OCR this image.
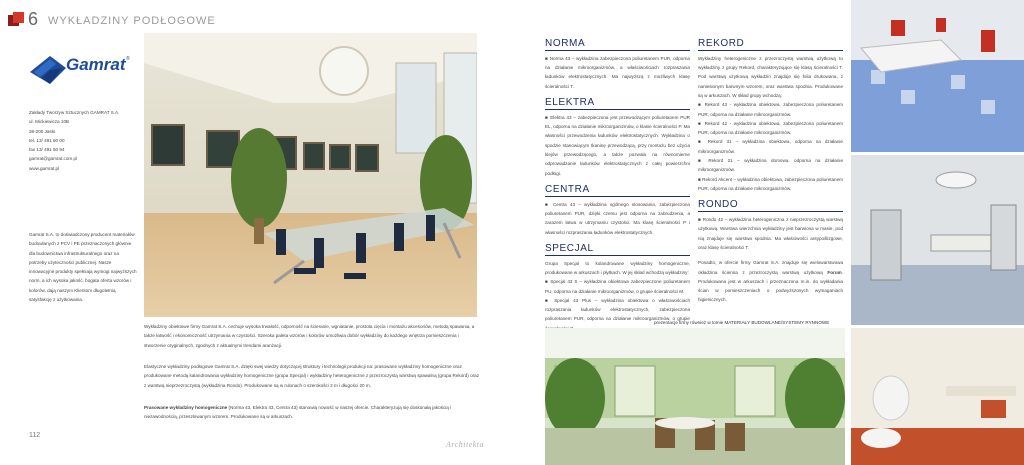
6 WYKŁADZINY PODŁOGOWE
Gamrat ®
Zakłady Tworzyw Sztucznych GAMRAT S.A.
ul. Mickiewicza 10B
38-200 Jasło
tel. 13/ 491 60 00
fax 13/ 491 50 94
gamrat@gamrat.com.pl
www.gamrat.pl
Gamrat S.A. to doświadczony producent materiałów budowlanych z PCV i PE przeznaczonych głównie dla budownictwa infrastrukturalnego oraz na potrzeby użyteczności publicznej. Nasze innowacyjne produkty spełniają wymogi najwyższych norm, a ich wysoka jakość, bogata oferta wzorów i kolorów, dają naszym Klientom długoletnią satysfakcję z użytkowania.
Wykładziny obiektowe firmy Gamrat S.A. cechuje wysoka trwałość, odporność na ścieranie, wgniatanie, prostota cięcia i montażu akcesoriów, metodą spawania, a także łatwość i ekonomiczność utrzymania w czystości. Szeroka paleta wzorów i kolorów umożliwia dobór wykładziny do każdego wnętrza pomieszczenia i stworzenie oryginalnych, zgodnych z aktualnymi trendami aranżacji.
Elastyczne wykładziny podłogowe Gamrat S.A. dzięki swej wiedzy dotyczącej struktury i technologii produkcji na: prasowane wykładziny homogeniczne oraz produkowane metodą kalandrowania wykładziny homogeniczne (grupa Specjal) i wykładziny heterogeniczne z przezroczystą warstwą spawalną (grupa Rekord) oraz z warstwą nieprzezroczystą (wykładzina Rondo). Produkowane są w rulonach o szerokości 2 m i długości 20 m.
Prasowane wykładziny homogeniczne (Norma 43, Elektra 43, Centra 43) stanowią nowość w naszej ofercie. Charakteryzują się doskonałą jakością i niezawodnością, przeszłowanym wzorem. Produkowane są w arkuszach.
112
Architekta
NORMA
■ Norma 43 – wykładzina zabezpieczona poliuretanem PUR, odporna na działanie mikroorganizmów, a właściwościach rozpraszania ładunków elektrostatycznych. Ma najwyższą z możliwych klasę ścieralności T.
ELEKTRA
■ Elektra 43 – zabezpieczona jest przewodzącym poliuretanem PUR EL, odporna na działanie mikroorganizmów, o klasie ścieralności P. Ma własności przewodzenia ładunków elektrostatycznych. Wykładzina o spodzie stanowiącym tkaninę przewodzącą, przy montażu bez użycia klejów przewodzącego, a także pozwala na równomierne odprowadzanie ładunków elektrostatycznych z całej powierzchni podłogi.
CENTRA
■ Centra 43 – wykładzina ogólnego stosowania, zabezpieczona poliuretanem PUR, dzięki czemu jest odporna na zabrudzenia, a zarazem łatwa w utrzymaniu czystości. Ma klasę ścieralności P i własności rozpraszania ładunków elektrostatycznych.
SPECJAL
Grupa Specjal to kolandrowane wykładziny homogeniczne, produkowane w arkuszach i płytkach. W jej skład wchodzą wykładziny:
■ Specjal 43 S – wykładzina obiektowa zabezpieczone poliuretanem PU, odporna na działanie mikroorganizmów, o grupie ścieralności M.
■ Specjal 43 Plus – wykładzina obiektowa o właściwościach rozpraszania ładunków elektrostatycznych, zabezpieczona poliuretanem PUR, odporna na działanie mikroorganizmów, o grupie
REKORD
Wykładziny heterogeniczne z przezroczystą warstwą użytkową to wykładziny z grupy Rekord, charakteryzujące się klasą ścieralności T. Pod warstwą użytkową wykładzin znajduje się folia drukowana, z naniesionym barwnym wzorem, oraz warstwa spodnia. Produkowane są w arkuszach. W skład grupy wchodzą:
■ Rekord 43 - wykładzina obiektowa, zabezpieczona poliuretanem PUR, odporna na działanie mikroorganizmów.
■ Rekord 42 - wykładzina obiektowa, zabezpieczona poliuretanem PUR, odporna na działanie mikroorganizmów.
■ Rekord 31 – wykładzina obiektowa, odporna na działanie mikroorganizmów.
■ Rekord 21 – wykładzina domowa, odporna na działanie mikroorganizmów.
■ Rekord Akcent – wykładzina obiektowa, zabezpieczona poliuretanem PUR, odporna na działanie mikroorganizmów.
RONDO
■ Rondo 42 – wykładzina heterogeniczna z nieprzezroczystą warstwą użytkową. Warstwa wierzchnia wykładziny jest barwiona w masie, pod nią znajduje się warstwa spodnia. Ma właściwości antypoślizgowe, oraz klasę ścieralności T.
Ponadto, w ofercie firmy Gamrat S.A. znajduje się wielowarstwowa okładzina ścienna z przezroczystą warstwą użytkową Forum. Produkowana jest w arkuszach i przeznaczona m.in. do wykładania ścian w pomieszczeniach o podwyższonych wymaganiach higienicznych.
prezentacje firmy również w tomie MATERIAŁY BUDOWLANE/SYSTEMY RYNNOWE
